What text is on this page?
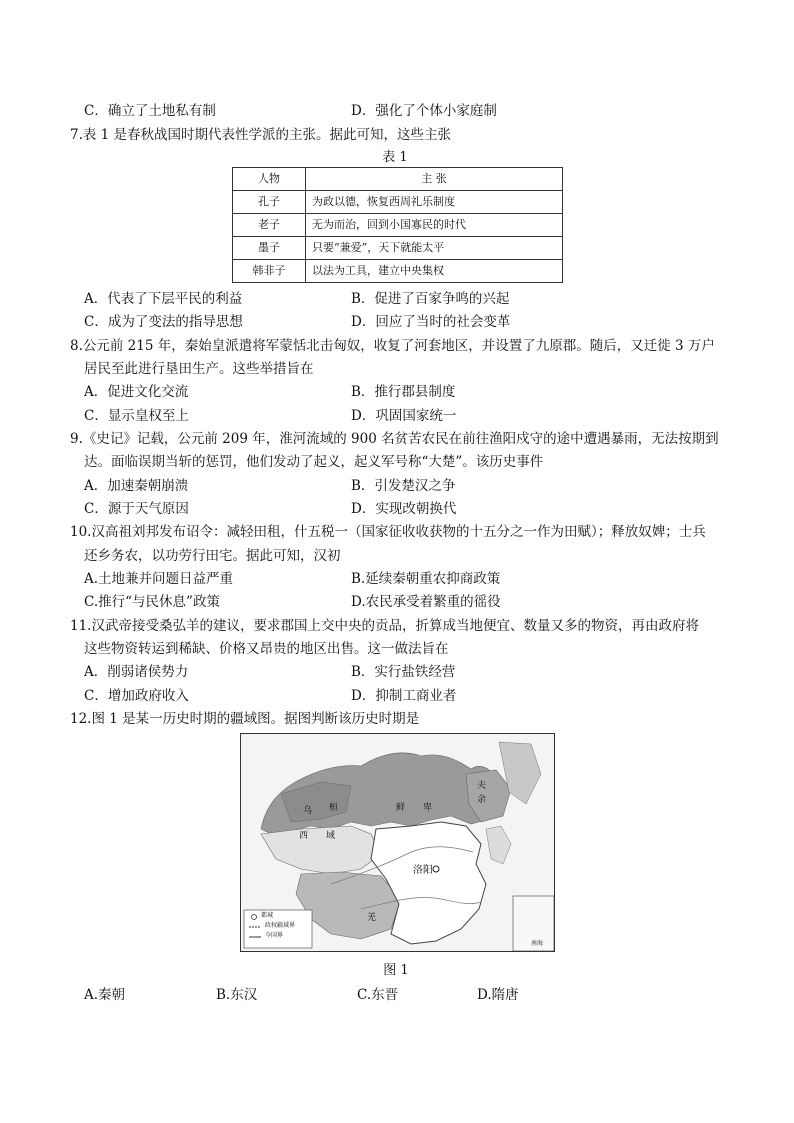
C．确立了土地私有制	D．强化了个体小家庭制
7.表 1 是春秋战国时期代表性学派的主张。据此可知，这些主张
表 1
人物	主 张
孔子	为政以德，恢复西周礼乐制度
老子	无为而治，回到小国寡民的时代
墨子	只要“兼爱”，天下就能太平
韩非子	以法为工具，建立中央集权
A．代表了下层平民的利益	B．促进了百家争鸣的兴起
C．成为了变法的指导思想	D．回应了当时的社会变革
8.公元前 215 年，秦始皇派遣将军蒙恬北击匈奴，收复了河套地区，并设置了九原郡。随后，又迁徙 3 万户
居民至此进行垦田生产。这些举措旨在
A．促进文化交流	B．推行郡县制度
C．显示皇权至上	D．巩固国家统一
9.《史记》记载，公元前 209 年，淮河流域的 900 名贫苦农民在前往渔阳戍守的途中遭遇暴雨，无法按期到
达。面临误期当斩的惩罚，他们发动了起义，起义军号称“大楚”。该历史事件
A．加速秦朝崩溃	B．引发楚汉之争
C．源于天气原因	D．实现改朝换代
10.汉高祖刘邦发布诏令：减轻田租，什五税一（国家征收收获物的十五分之一作为田赋）；释放奴婢；士兵
还乡务农，以功劳行田宅。据此可知，汉初
A.土地兼并问题日益严重	B.延续秦朝重农抑商政策
C.推行“与民休息”政策	D.农民承受着繁重的徭役
11.汉武帝接受桑弘羊的建议，要求郡国上交中央的贡品，折算成当地便宜、数量又多的物资，再由政府将
这些物资转运到稀缺、价格又昂贵的地区出售。这一做法旨在
A．削弱诸侯势力	B．实行盐铁经营
C．增加政府收入	D．抑制工商业者
12.图 1 是某一历史时期的疆域图。据图判断该历史时期是
乌 桓	鲜 卑
夫
余
西 域
洛阳
羌
都城
政权疆域界
今国界
南海
图 1
A.秦朝	B.东汉	C.东晋	D.隋唐
